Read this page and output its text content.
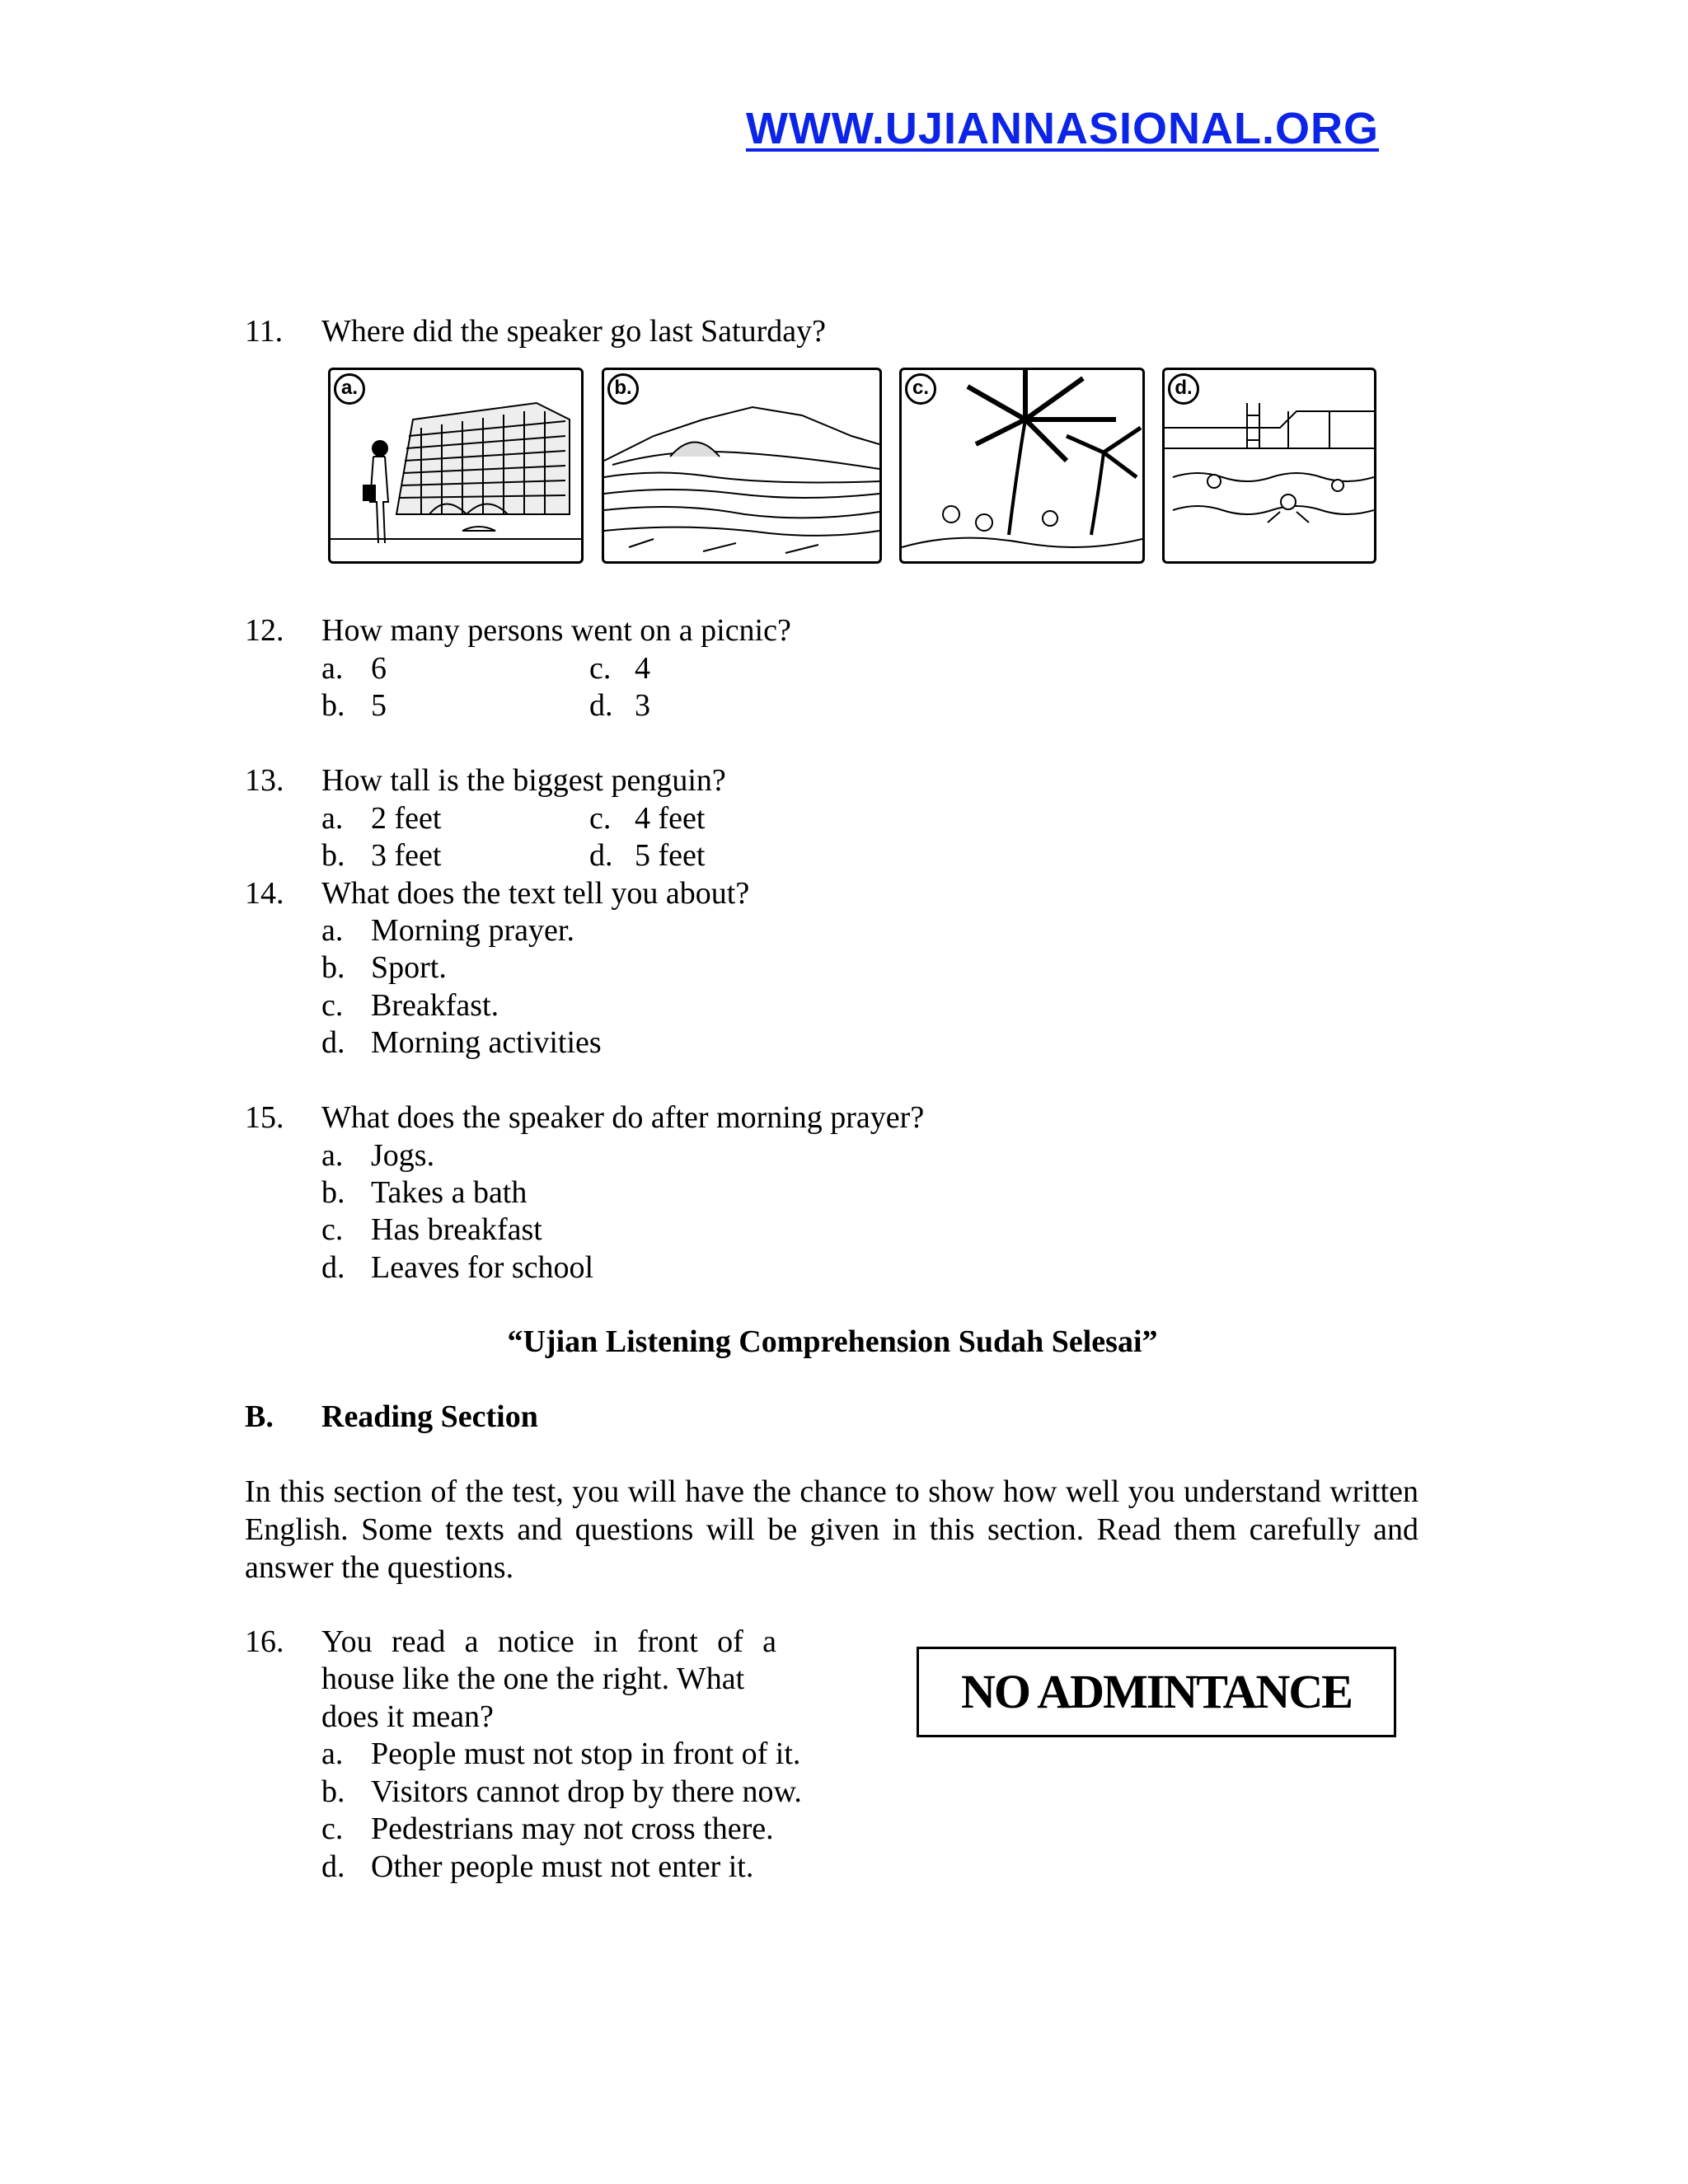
WWW.UJIANNASIONAL.ORG
11. Where did the speaker go last Saturday?
a.	b.	c.	d.
12. How many persons went on a picnic?
a. 6	c. 4
b. 5	d. 3
13. How tall is the biggest penguin?
a. 2 feet	c. 4 feet
b. 3 feet	d. 5 feet
14. What does the text tell you about?
a. Morning prayer.
b. Sport.
c. Breakfast.
d. Morning activities
15. What does the speaker do after morning prayer?
a. Jogs.
b. Takes a bath
c. Has breakfast
d. Leaves for school
“Ujian Listening Comprehension Sudah Selesai”
B. Reading Section
In this section of the test, you will have the chance to show how well you understand written English. Some texts and questions will be given in this section. Read them carefully and answer the questions.
16. You read a notice in front of a
house like the one the right. What
does it mean?
a. People must not stop in front of it.
b. Visitors cannot drop by there now.
c. Pedestrians may not cross there.
d. Other people must not enter it.
NO ADMINTANCE
